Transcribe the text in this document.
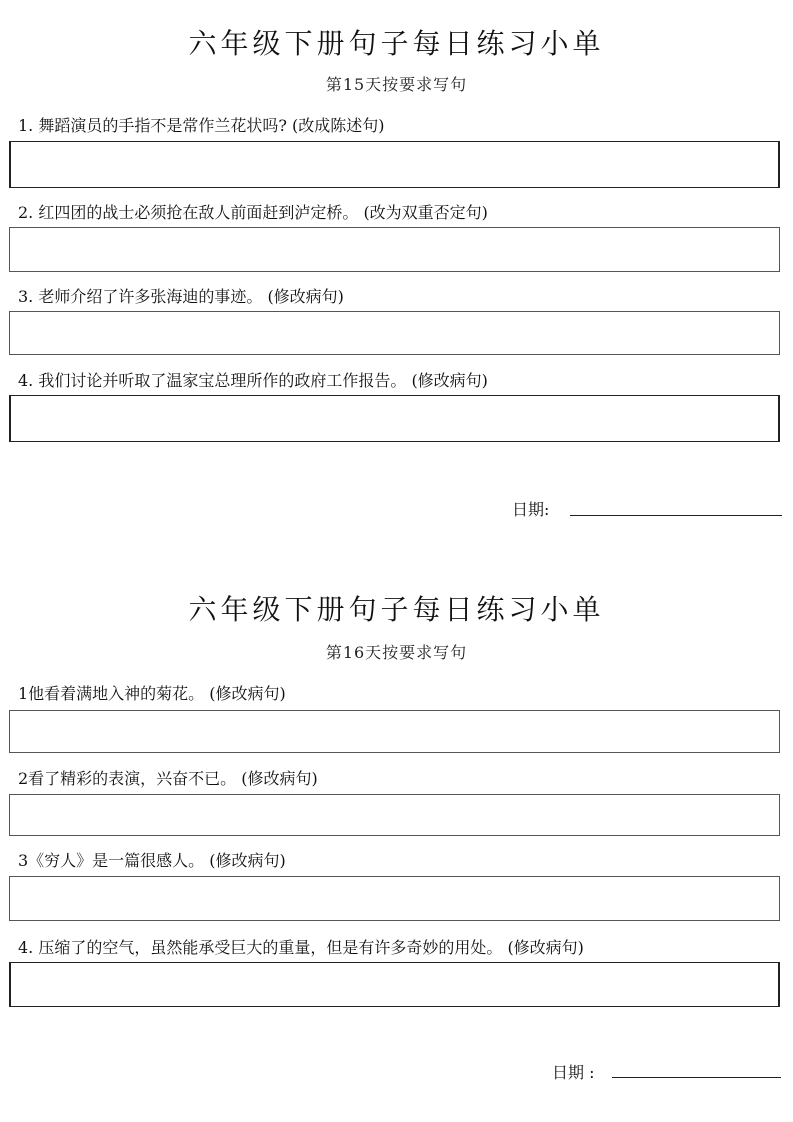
六年级下册句子每日练习小单
第15天按要求写句
1. 舞蹈演员的手指不是常作兰花状吗? (改成陈述句)
2. 红四团的战士必须抢在敌人前面赶到泸定桥。 (改为双重否定句)
3. 老师介绍了许多张海迪的事迹。 (修改病句)
4. 我们讨论并听取了温家宝总理所作的政府工作报告。 (修改病句)
日期:
六年级下册句子每日练习小单
第16天按要求写句
1他看着满地入神的菊花。 (修改病句)
2看了精彩的表演，兴奋不已。 (修改病句)
3《穷人》是一篇很感人。 (修改病句)
4. 压缩了的空气，虽然能承受巨大的重量，但是有许多奇妙的用处。 (修改病句)
日期 :
